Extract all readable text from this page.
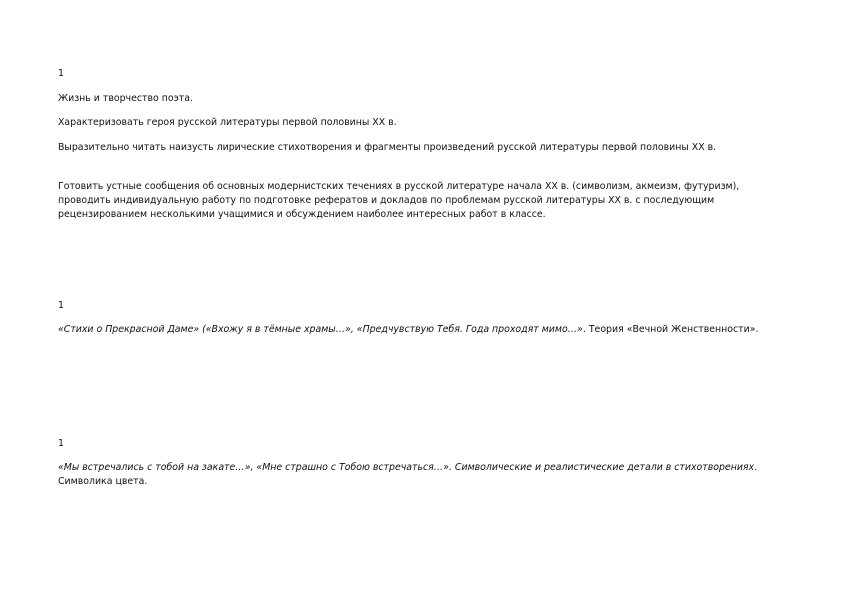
1

Жизнь и творчество поэта.

Характеризовать героя русской литературы первой половины XX в.

Выразительно читать наизусть лирические стихотворения и фрагменты произведений русской литературы первой половины XX в.

Готовить устные сообщения об основных модернистских течениях в русской литературе начала XX в. (символизм, акмеизм, футуризм), проводить индивидуальную работу по подготовке рефератов и докладов по проблемам русской литературы XX в. с последующим рецензированием несколькими учащимися и обсуждением наиболее интересных работ в классе.

1

«Стихи о Прекрасной Даме» («Вхожу я в тёмные храмы…», «Предчувствую Тебя. Года проходят мимо…». Теория «Вечной Женственности».

1

«Мы встречались с тобой на закате…», «Мне страшно с Тобою встречаться…». Символические и реалистические детали в стихотворениях. Символика цвета.
